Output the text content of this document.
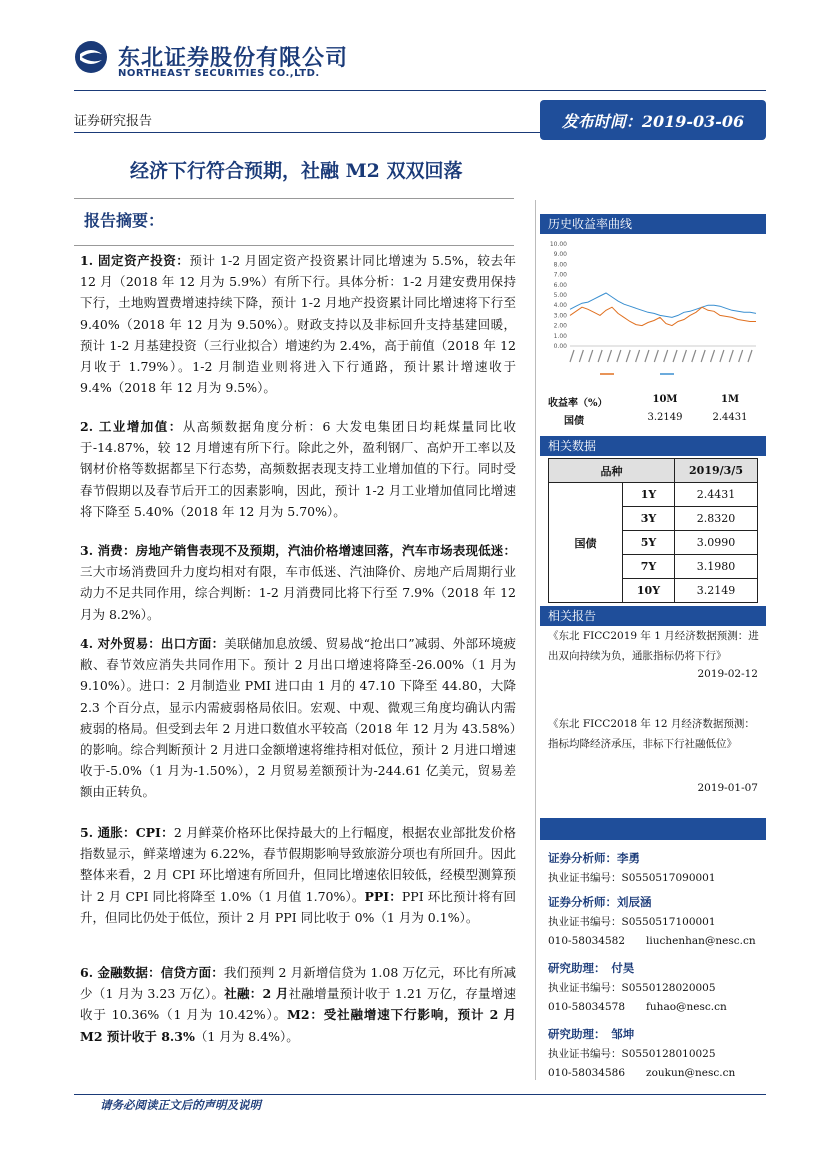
东北证券股份有限公司
NORTHEAST SECURITIES CO.,LTD.
证券研究报告	发布时间：2019-03-06
经济下行符合预期，社融 M2 双双回落
报告摘要：
1. 固定资产投资：预计 1-2 月固定资产投资累计同比增速为 5.5%，较去年 12 月（2018 年 12 月为 5.9%）有所下行。具体分析：1-2 月建安费用保持下行，土地购置费增速持续下降，预计 1-2 月地产投资累计同比增速将下行至 9.40%（2018 年 12 月为 9.50%）。财政支持以及非标回升支持基建回暖，预计 1-2 月基建投资（三行业拟合）增速约为 2.4%，高于前值（2018 年 12 月收于 1.79%）。1-2 月制造业则将进入下行通路，预计累计增速收于 9.4%（2018 年 12 月为 9.5%）。
2. 工业增加值：从高频数据角度分析：6 大发电集团日均耗煤量同比收于-14.87%，较 12 月增速有所下行。除此之外，盈利钢厂、高炉开工率以及钢材价格等数据都呈下行态势，高频数据表现支持工业增加值的下行。同时受春节假期以及春节后开工的因素影响，因此，预计 1-2 月工业增加值同比增速将下降至 5.40%（2018 年 12 月为 5.70%）。
3. 消费：房地产销售表现不及预期，汽油价格增速回落，汽车市场表现低迷：三大市场消费回升力度均相对有限，车市低迷、汽油降价、房地产后周期行业动力不足共同作用，综合判断：1-2 月消费同比将下行至 7.9%（2018 年 12 月为 8.2%）。
4. 对外贸易：出口方面：美联储加息放缓、贸易战“抢出口”减弱、外部环境疲敝、春节效应消失共同作用下。预计 2 月出口增速将降至-26.00%（1 月为 9.10%）。进口：2 月制造业 PMI 进口由 1 月的 47.10 下降至 44.80，大降 2.3 个百分点，显示内需疲弱格局依旧。宏观、中观、微观三角度均确认内需疲弱的格局。但受到去年 2 月进口数值水平较高（2018 年 12 月为 43.58%）的影响。综合判断预计 2 月进口金额增速将维持相对低位，预计 2 月进口增速收于-5.0%（1 月为-1.50%），2 月贸易差额预计为-244.61 亿美元，贸易差额由正转负。
5. 通胀：CPI：2 月鲜菜价格环比保持最大的上行幅度，根据农业部批发价格指数显示，鲜菜增速为 6.22%，春节假期影响导致旅游分项也有所回升。因此整体来看，2 月 CPI 环比增速有所回升，但同比增速依旧较低，经模型测算预计 2 月 CPI 同比将降至 1.0%（1 月值 1.70%）。PPI：PPI 环比预计将有回升，但同比仍处于低位，预计 2 月 PPI 同比收于 0%（1 月为 0.1%）。
6. 金融数据：信贷方面：我们预判 2 月新增信贷为 1.08 万亿元，环比有所减少（1 月为 3.23 万亿）。社融：2 月社融增量预计收于 1.21 万亿，存量增速收于 10.36%（1 月为 10.42%）。M2：受社融增速下行影响，预计 2 月 M2 预计收于 8.3%（1 月为 8.4%）。
历史收益率曲线
10.00
9.00
8.00
7.00
6.00
5.00
4.00
3.00
2.00
1.00
0.00
收益率（%）	10M	1M
国债	3.2149	2.4431
相关数据
品种		2019/3/5
国债	1Y	2.4431
	3Y	2.8320
	5Y	3.0990
	7Y	3.1980
	10Y	3.2149
相关报告
《东北 FICC2019 年 1 月经济数据预测：进出双向持续为负，通胀指标仍将下行》
2019-02-12
《东北 FICC2018 年 12 月经济数据预测：指标均降经济承压，非标下行社融低位》
2019-01-07
证券分析师：李勇
执业证书编号：S0550517090001
证券分析师：刘辰涵
执业证书编号：S0550517100001
010-58034582　　liuchenhan@nesc.cn
研究助理：　付昊
执业证书编号：S0550128020005
010-58034578　　fuhao@nesc.cn
研究助理：　邹坤
执业证书编号：S0550128010025
010-58034586　　zoukun@nesc.cn
请务必阅读正文后的声明及说明
